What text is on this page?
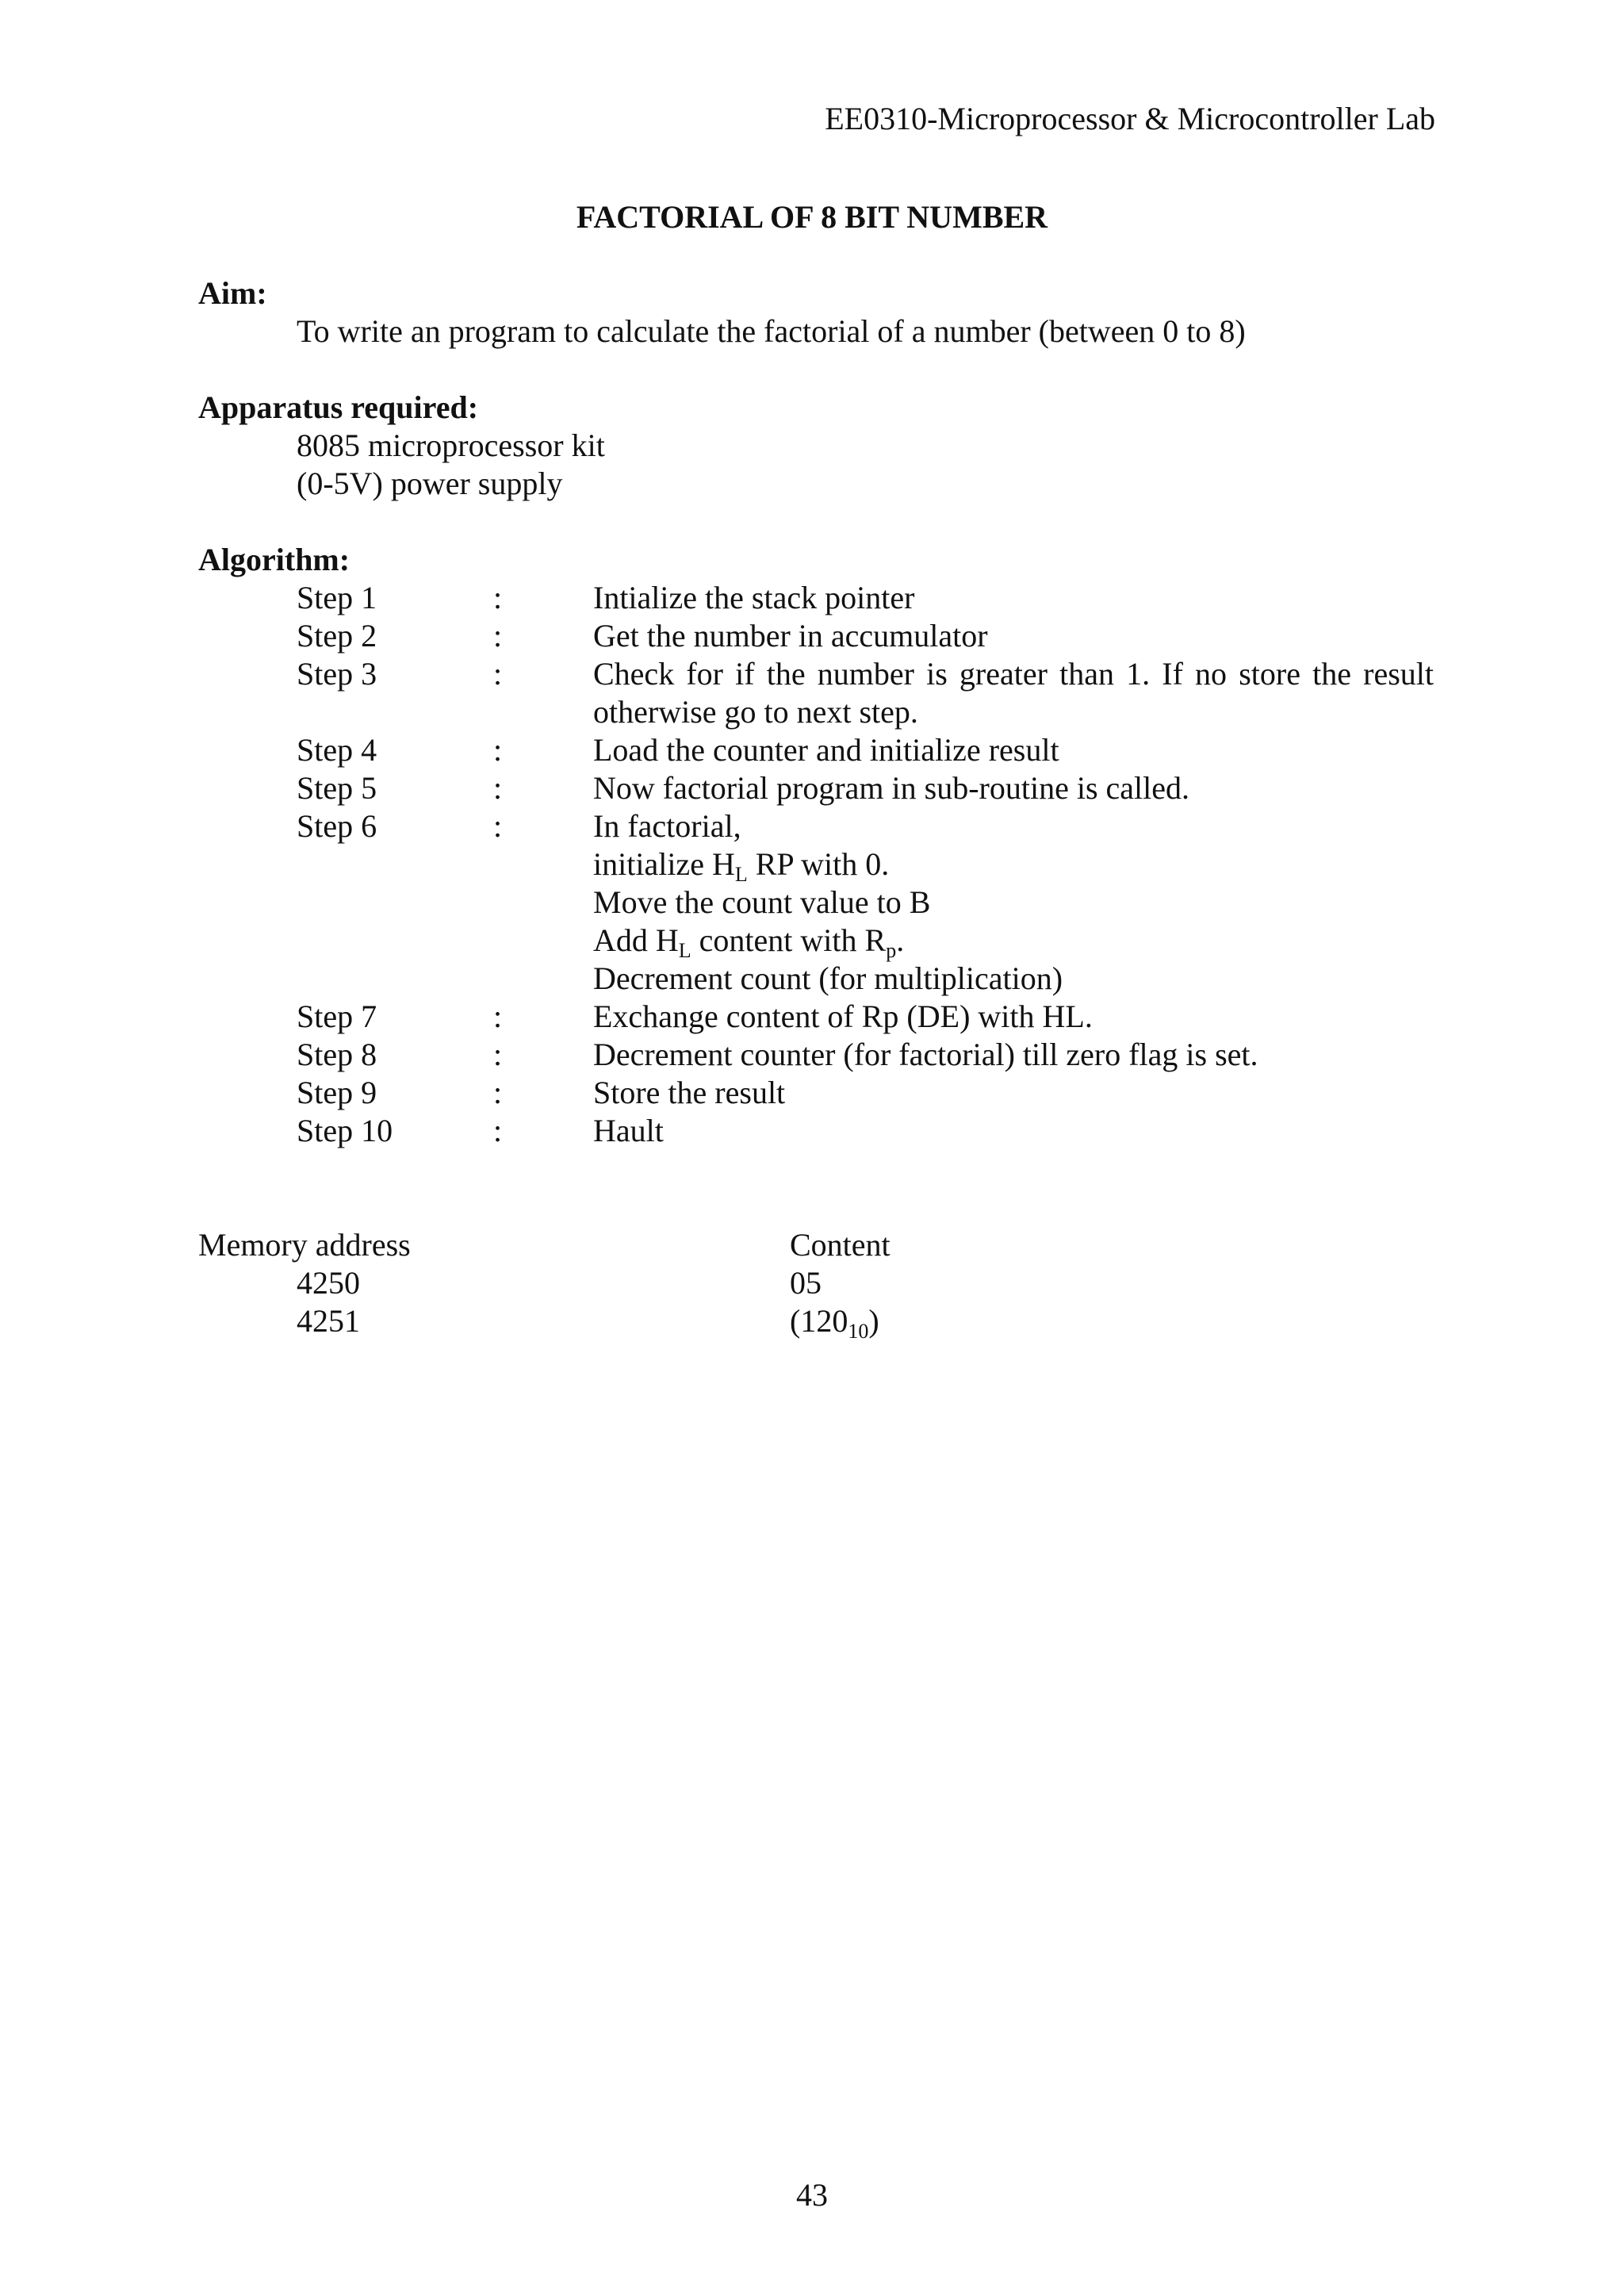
EE0310-Microprocessor & Microcontroller Lab
FACTORIAL OF 8 BIT NUMBER
Aim:
To write an program to calculate the factorial of a number (between 0 to 8)
Apparatus required:
8085 microprocessor kit
(0-5V) power supply
Algorithm:
Step 1	:	Intialize the stack pointer
Step 2	:	Get the number in accumulator
Step 3	:	Check for if the number is greater than 1. If no store the result otherwise go to next step.
Step 4	:	Load the counter and initialize result
Step 5	:	Now factorial program in sub-routine is called.
Step 6	:	In factorial,
initialize $H_L$ RP with 0.
Move the count value to B
Add $H_L$ content with $R_p$.
Decrement count (for multiplication)
Step 7	:	Exchange content of Rp (DE) with HL.
Step 8	:	Decrement counter (for factorial) till zero flag is set.
Step 9	:	Store the result
Step 10	:	Hault
Memory address	Content
4250	05
4251	$(120_{10})$
43
